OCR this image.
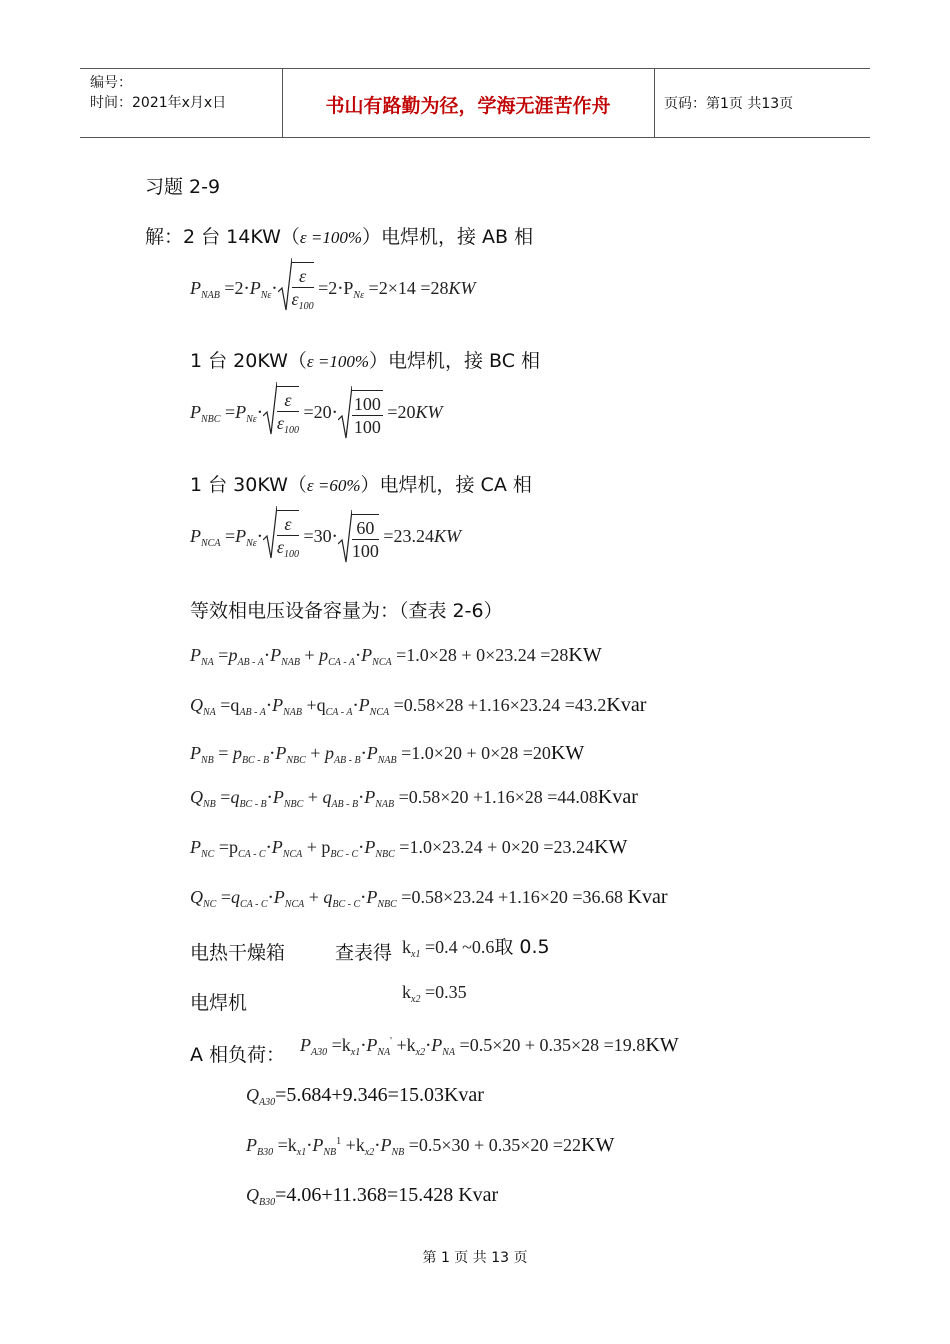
编号：
时间：2021年x月x日	书山有路勤为径，学海无涯苦作舟	页码：第1页 共13页
习题 2-9
解：2 台 14KW（ε =100%）电焊机，接 AB 相
$P_{NAB} =2\cdot P_{N\varepsilon}\cdot \frac{\varepsilon}{\varepsilon_{100}} =2\cdot P_{N\varepsilon} =2\times 14 =28KW$
1 台 20KW（ε =100%）电焊机，接 BC 相
$P_{NBC} =P_{N\varepsilon}\cdot \frac{\varepsilon}{\varepsilon_{100}} =20\cdot \frac{100}{100} =20KW$
1 台 30KW（ε =60%）电焊机，接 CA 相
$P_{NCA} =P_{N\varepsilon}\cdot \frac{\varepsilon}{\varepsilon_{100}} =30\cdot \frac{60}{100} =23.24KW$
等效相电压设备容量为：（查表 2-6）
$P_{NA} =p_{AB - A}\cdot P_{NAB} + p_{CA - A}\cdot P_{NCA} =1.0\times 28 + 0\times 23.24 =28KW$
$Q_{NA} =q_{AB - A}\cdot P_{NAB} +q_{CA - A}\cdot P_{NCA} =0.58\times 28 +1.16\times 23.24$ =43.2Kvar
$P_{NB} = p_{BC - B}\cdot P_{NBC} + p_{AB - B}\cdot P_{NAB} =1.0\times 20 + 0\times 28 =20KW$
$Q_{NB} =q_{BC - B}\cdot P_{NBC} + q_{AB - B}\cdot P_{NAB} =0.58\times 20 +1.16\times 28$ =44.08Kvar
$P_{NC} =p_{CA - C}\cdot P_{NCA} + p_{BC - C}\cdot P_{NBC} =1.0\times 23.24 + 0\times 20 =23.24KW$
$Q_{NC} =q_{CA - C}\cdot P_{NCA} + q_{BC - C}\cdot P_{NBC} =0.58\times 23.24 +1.16\times 20 =36.68$ Kvar
电热干燥箱	查表得 $k_{x1} =0.4$ ~0.6取 0.5
电焊机	$k_{x2} =0.35$
A 相负荷： $P_{A30} =k_{x1}\cdot P_{NA}' +k_{x2}\cdot P_{NA} =0.5\times 20 + 0.35\times 28 =19.8KW$
$Q_{A30}=5.684+9.346=15.03Kvar$
$P_{B30} =k_{x1}\cdot P_{NB}^1 +k_{x2}\cdot P_{NB} =0.5\times 30 + 0.35\times 20 =22KW$
$Q_{B30}=4.06+11.368=15.428$ Kvar
第 1 页 共 13 页
